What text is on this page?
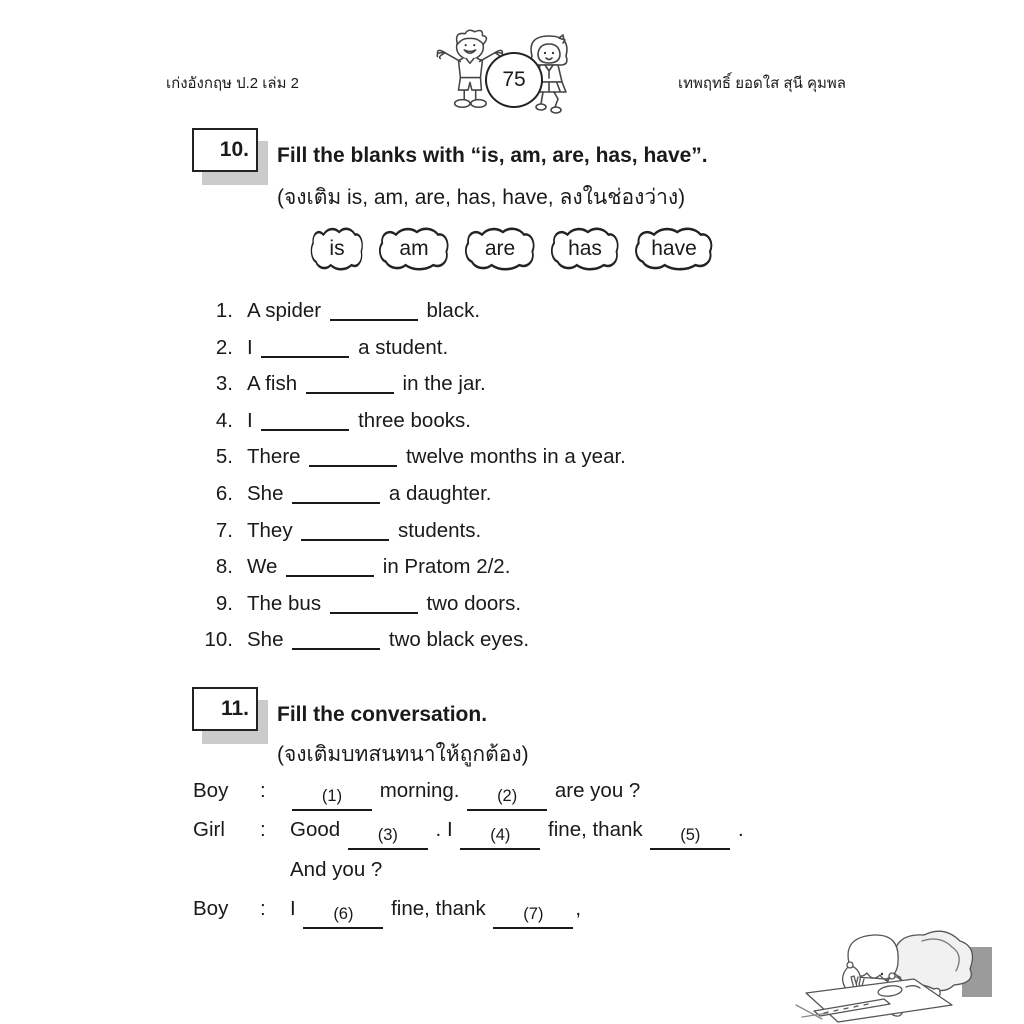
เก่งอังกฤษ ป.2 เล่ม 2	เทพฤทธิ์ ยอดใส สุนี คุมพล
75
10.	Fill the blanks with “is, am, are, has, have”.
(จงเติม is, am, are, has, have, ลงในช่องว่าง)
is	am	are	has	have
1. A spider	black.
2. I	a student.
3. A fish	in the jar.
4. I	three books.
5. There	twelve months in a year.
6. She	a daughter.
7. They	students.
8. We	in Pratom 2/2.
9. The bus	two doors.
10. She	two black eyes.
11.	Fill the conversation.
(จงเติมบทสนทนาให้ถูกต้อง)
Boy :	(1)	morning.	(2)	are you ?
Girl : Good	(3)	. I	(4)	fine, thank	(5)	.
And you ?
Boy : I	(6)	fine, thank	(7)	,
